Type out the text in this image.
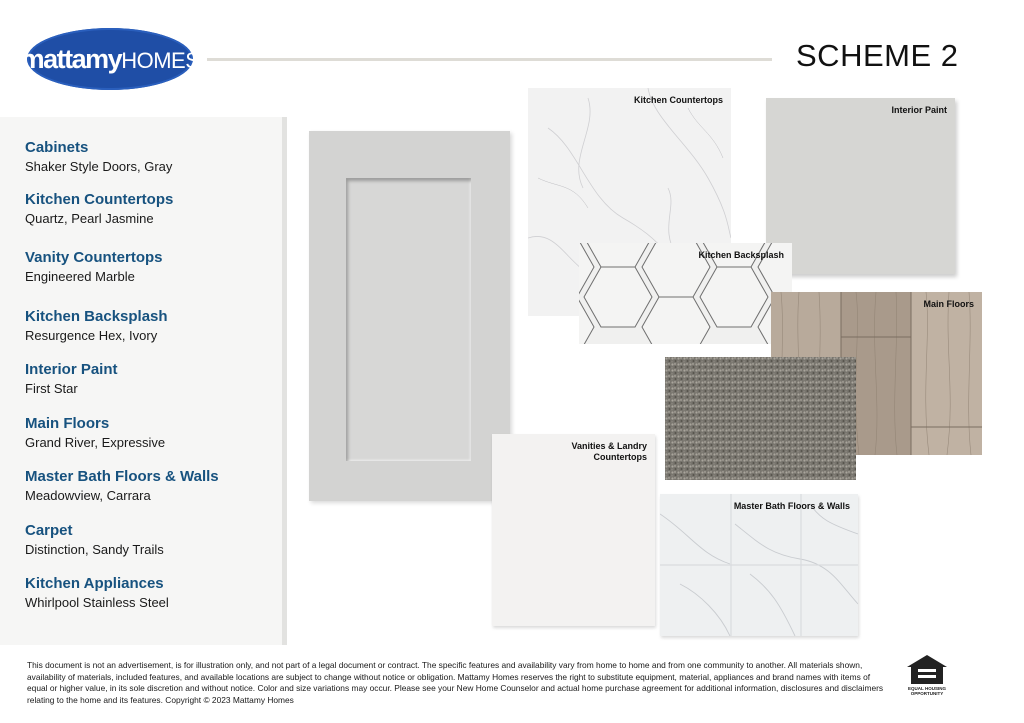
mattamyHOMES	SCHEME 2
Cabinets
Shaker Style Doors, Gray
Kitchen Countertops
Quartz, Pearl Jasmine
Vanity Countertops
Engineered Marble
Kitchen Backsplash
Resurgence Hex, Ivory
Interior Paint
First Star
Main Floors
Grand River, Expressive
Master Bath Floors & Walls
Meadowview, Carrara
Carpet
Distinction, Sandy Trails
Kitchen Appliances
Whirlpool Stainless Steel
Kitchen Countertops
Interior Paint
Kitchen Backsplash
Main Floors
Vanities & Landry
Countertops
Master Bath Floors & Walls
This document is not an advertisement, is for illustration only, and not part of a legal document or contract. The specific features and availability vary from home to home and from one community to another. All materials shown, availability of materials, included features, and available locations are subject to change without notice or obligation. Mattamy Homes reserves the right to substitute equipment, material, appliances and brand names with items of equal or higher value, in its sole discretion and without notice. Color and size variations may occur. Please see your New Home Counselor and actual home purchase agreement for additional information, disclosures and disclaimers relating to the home and its features. Copyright © 2023 Mattamy Homes
EQUAL HOUSING
OPPORTUNITY
